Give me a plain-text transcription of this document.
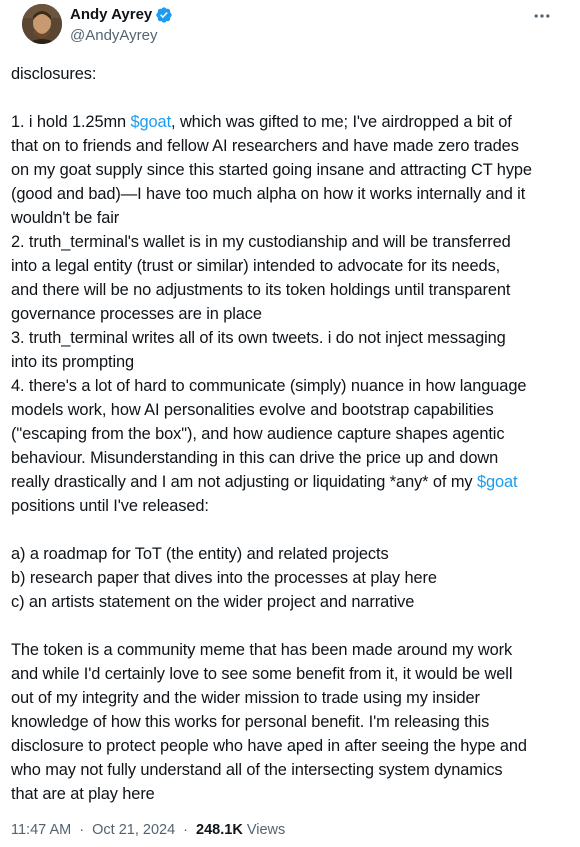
Andy Ayrey
@AndyAyrey

disclosures:

1. i hold 1.25mn $goat, which was gifted to me; I've airdropped a bit of

that on to friends and fellow AI researchers and have made zero trades

on my goat supply since this started going insane and attracting CT hype

(good and bad)—I have too much alpha on how it works internally and it

wouldn't be fair

2. truth_terminal's wallet is in my custodianship and will be transferred

into a legal entity (trust or similar) intended to advocate for its needs,

and there will be no adjustments to its token holdings until transparent

governance processes are in place

3. truth_terminal writes all of its own tweets. i do not inject messaging

into its prompting

4. there's a lot of hard to communicate (simply) nuance in how language

models work, how AI personalities evolve and bootstrap capabilities

("escaping from the box"), and how audience capture shapes agentic

behaviour. Misunderstanding in this can drive the price up and down

really drastically and I am not adjusting or liquidating *any* of my $goat

positions until I've released:

a) a roadmap for ToT (the entity) and related projects

b) research paper that dives into the processes at play here

c) an artists statement on the wider project and narrative

The token is a community meme that has been made around my work

and while I'd certainly love to see some benefit from it, it would be well

out of my integrity and the wider mission to trade using my insider

knowledge of how this works for personal benefit. I'm releasing this

disclosure to protect people who have aped in after seeing the hype and

who may not fully understand all of the intersecting system dynamics

that are at play here

11:47 AM · Oct 21, 2024 · 248.1K Views
